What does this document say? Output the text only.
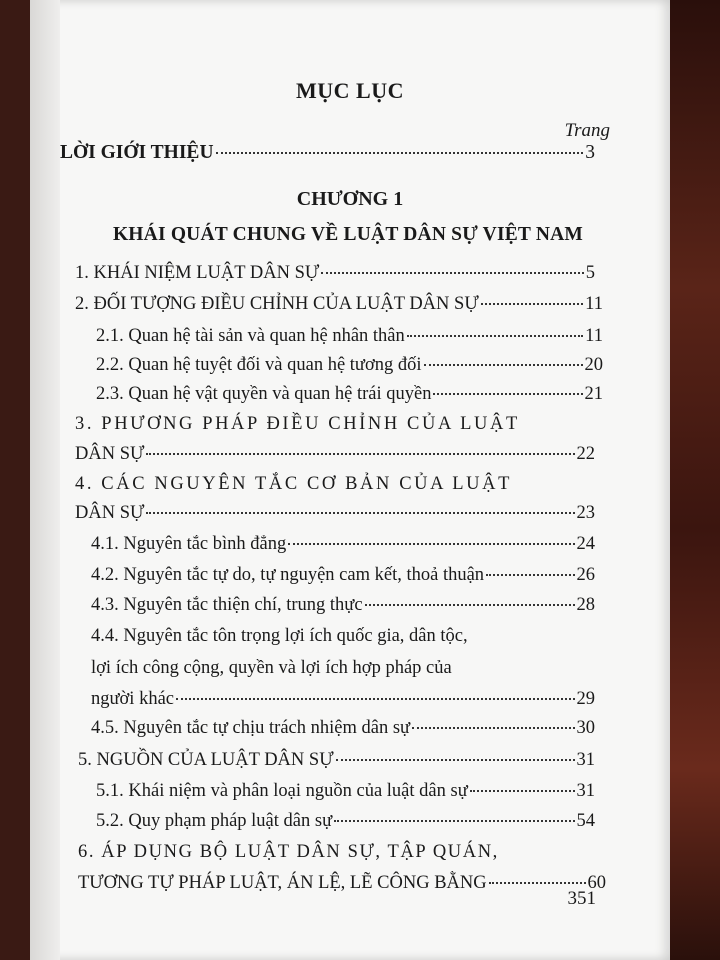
MỤC LỤC
Trang
LỜI GIỚI THIỆU	3
CHƯƠNG 1
KHÁI QUÁT CHUNG VỀ LUẬT DÂN SỰ VIỆT NAM
1. KHÁI NIỆM LUẬT DÂN SỰ	5
2. ĐỐI TƯỢNG ĐIỀU CHỈNH CỦA LUẬT DÂN SỰ	11
2.1. Quan hệ tài sản và quan hệ nhân thân	11
2.2. Quan hệ tuyệt đối và quan hệ tương đối	20
2.3. Quan hệ vật quyền và quan hệ trái quyền	21
3. PHƯƠNG PHÁP ĐIỀU CHỈNH CỦA LUẬT
DÂN SỰ	22
4. CÁC NGUYÊN TẮC CƠ BẢN CỦA LUẬT
DÂN SỰ	23
4.1. Nguyên tắc bình đẳng	24
4.2. Nguyên tắc tự do, tự nguyện cam kết, thoả thuận	26
4.3. Nguyên tắc thiện chí, trung thực	28
4.4. Nguyên tắc tôn trọng lợi ích quốc gia, dân tộc,
lợi ích công cộng, quyền và lợi ích hợp pháp của
người khác	29
4.5. Nguyên tắc tự chịu trách nhiệm dân sự	30
5. NGUỒN CỦA LUẬT DÂN SỰ	31
5.1. Khái niệm và phân loại nguồn của luật dân sự	31
5.2. Quy phạm pháp luật dân sự	54
6. ÁP DỤNG BỘ LUẬT DÂN SỰ, TẬP QUÁN,
TƯƠNG TỰ PHÁP LUẬT, ÁN LỆ, LẼ CÔNG BẰNG	60
351
